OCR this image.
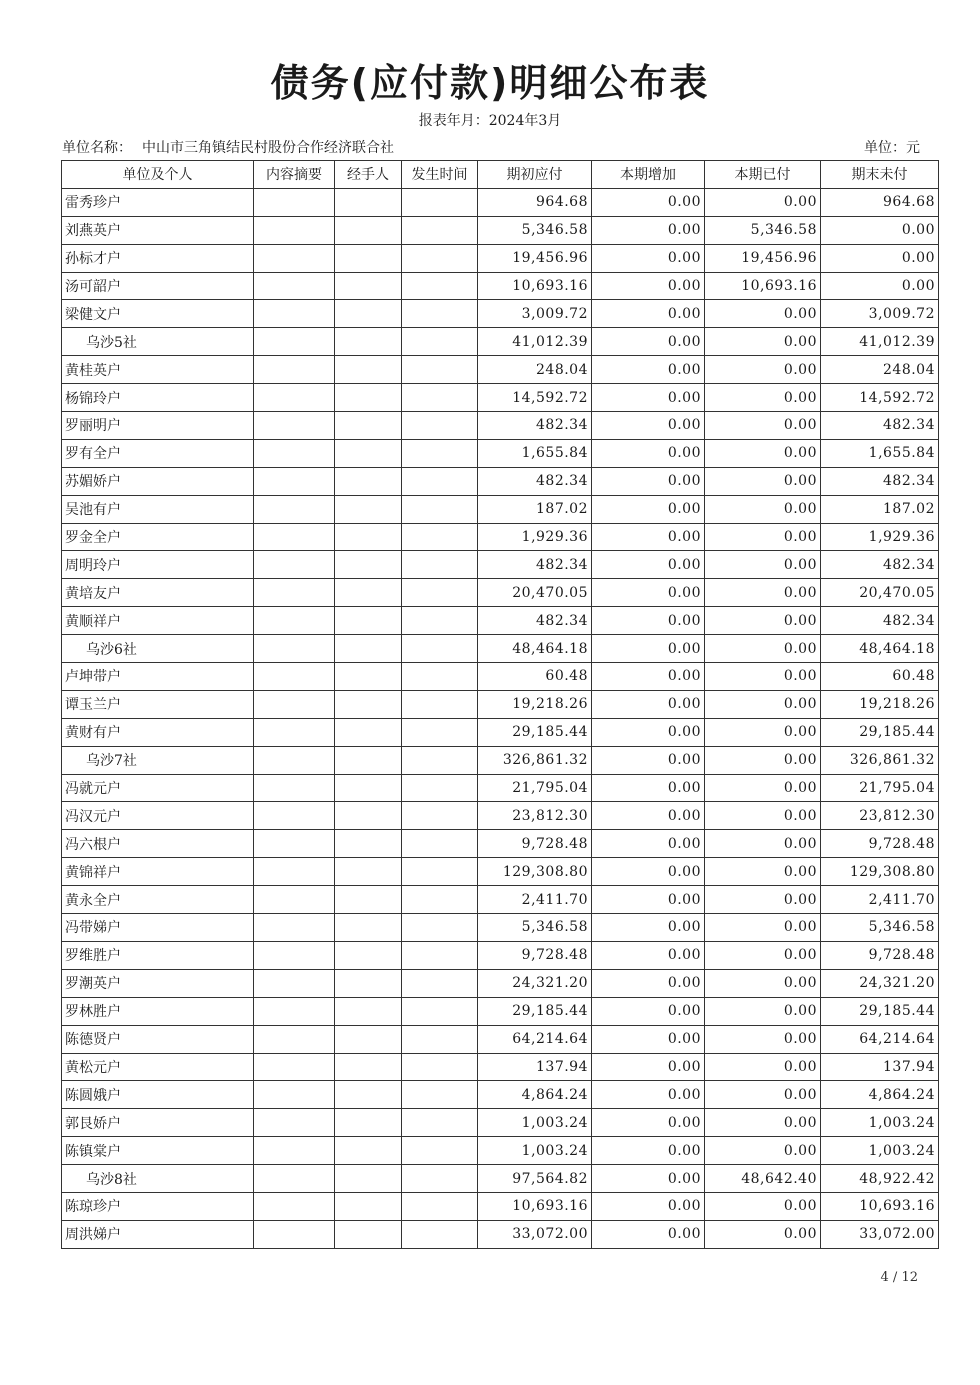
债务(应付款)明细公布表
报表年月：2024年3月
单位名称： 中山市三角镇结民村股份合作经济联合社	单位：元
单位及个人	内容摘要	经手人	发生时间	期初应付	本期增加	本期已付	期末未付
雷秀珍户				964.68	0.00	0.00	964.68
刘燕英户				5,346.58	0.00	5,346.58	0.00
孙标才户				19,456.96	0.00	19,456.96	0.00
汤可韶户				10,693.16	0.00	10,693.16	0.00
梁健文户				3,009.72	0.00	0.00	3,009.72
乌沙5社				41,012.39	0.00	0.00	41,012.39
黄桂英户				248.04	0.00	0.00	248.04
杨锦玲户				14,592.72	0.00	0.00	14,592.72
罗丽明户				482.34	0.00	0.00	482.34
罗有全户				1,655.84	0.00	0.00	1,655.84
苏媚娇户				482.34	0.00	0.00	482.34
吴池有户				187.02	0.00	0.00	187.02
罗金全户				1,929.36	0.00	0.00	1,929.36
周明玲户				482.34	0.00	0.00	482.34
黄培友户				20,470.05	0.00	0.00	20,470.05
黄顺祥户				482.34	0.00	0.00	482.34
乌沙6社				48,464.18	0.00	0.00	48,464.18
卢坤带户				60.48	0.00	0.00	60.48
谭玉兰户				19,218.26	0.00	0.00	19,218.26
黄财有户				29,185.44	0.00	0.00	29,185.44
乌沙7社				326,861.32	0.00	0.00	326,861.32
冯就元户				21,795.04	0.00	0.00	21,795.04
冯汉元户				23,812.30	0.00	0.00	23,812.30
冯六根户				9,728.48	0.00	0.00	9,728.48
黄锦祥户				129,308.80	0.00	0.00	129,308.80
黄永全户				2,411.70	0.00	0.00	2,411.70
冯带娣户				5,346.58	0.00	0.00	5,346.58
罗维胜户				9,728.48	0.00	0.00	9,728.48
罗潮英户				24,321.20	0.00	0.00	24,321.20
罗林胜户				29,185.44	0.00	0.00	29,185.44
陈德贤户				64,214.64	0.00	0.00	64,214.64
黄松元户				137.94	0.00	0.00	137.94
陈圆娥户				4,864.24	0.00	0.00	4,864.24
郭艮娇户				1,003.24	0.00	0.00	1,003.24
陈镇棠户				1,003.24	0.00	0.00	1,003.24
乌沙8社				97,564.82	0.00	48,642.40	48,922.42
陈琼珍户				10,693.16	0.00	0.00	10,693.16
周洪娣户				33,072.00	0.00	0.00	33,072.00
4 / 12
